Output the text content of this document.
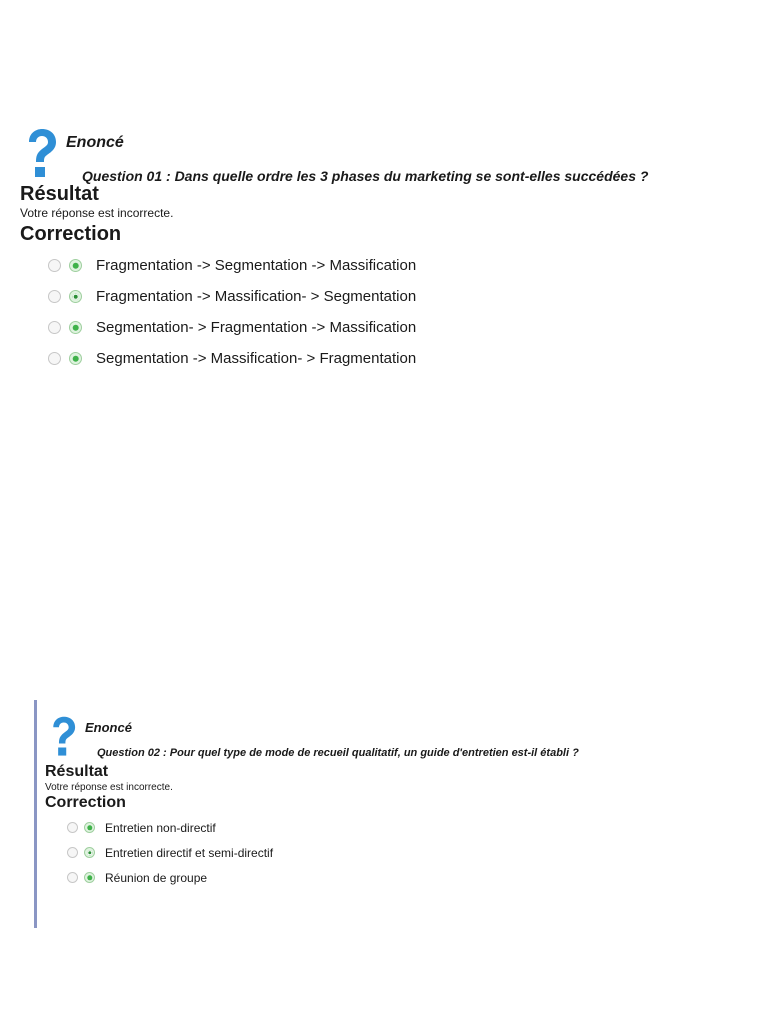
Enoncé
Question 01 : Dans quelle ordre les 3 phases du marketing se sont-elles succédées ?
Résultat

Votre réponse est incorrecte.

Correction
Fragmentation -> Segmentation -> Massification
Fragmentation -> Massification- > Segmentation
Segmentation- > Fragmentation -> Massification
Segmentation -> Massification- > Fragmentation
Enoncé
Question 02 : Pour quel type de mode de recueil qualitatif, un guide d'entretien est-il établi ?
Résultat

Votre réponse est incorrecte.

Correction
Entretien non-directif
Entretien directif et semi-directif
Réunion de groupe
